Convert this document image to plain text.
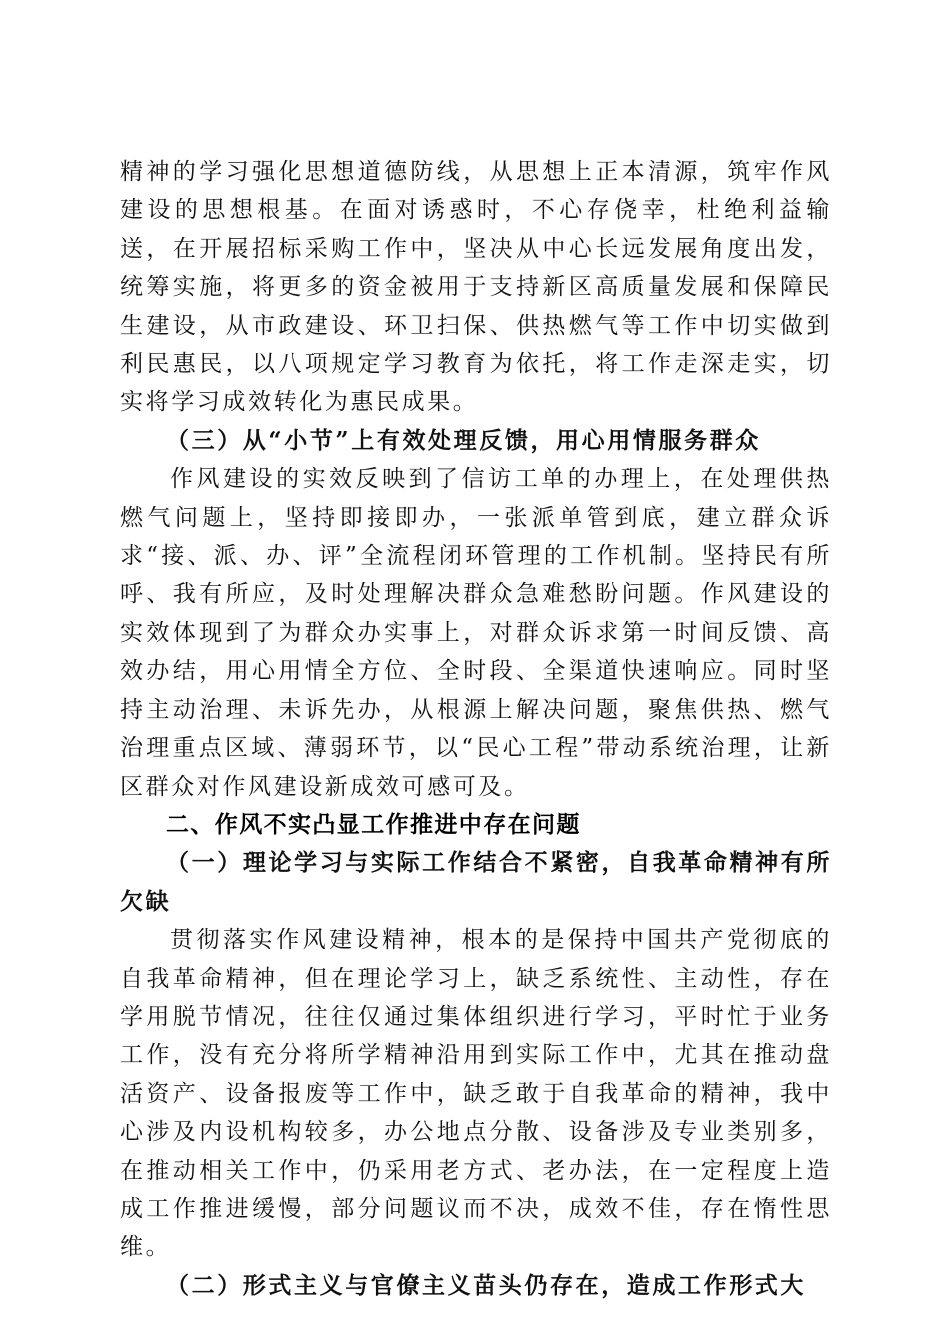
精神的学习强化思想道德防线，从思想上正本清源，筑牢作风建设的思想根基。在面对诱惑时，不心存侥幸，杜绝利益输送，在开展招标采购工作中，坚决从中心长远发展角度出发，统筹实施，将更多的资金被用于支持新区高质量发展和保障民生建设，从市政建设、环卫扫保、供热燃气等工作中切实做到利民惠民，以八项规定学习教育为依托，将工作走深走实，切实将学习成效转化为惠民成果。

（三）从“小节”上有效处理反馈，用心用情服务群众

作风建设的实效反映到了信访工单的办理上，在处理供热燃气问题上，坚持即接即办，一张派单管到底，建立群众诉求“接、派、办、评”全流程闭环管理的工作机制。坚持民有所呼、我有所应，及时处理解决群众急难愁盼问题。作风建设的实效体现到了为群众办实事上，对群众诉求第一时间反馈、高效办结，用心用情全方位、全时段、全渠道快速响应。同时坚持主动治理、未诉先办，从根源上解决问题，聚焦供热、燃气治理重点区域、薄弱环节，以“民心工程”带动系统治理，让新区群众对作风建设新成效可感可及。

二、作风不实凸显工作推进中存在问题

（一）理论学习与实际工作结合不紧密，自我革命精神有所欠缺

贯彻落实作风建设精神，根本的是保持中国共产党彻底的自我革命精神，但在理论学习上，缺乏系统性、主动性，存在学用脱节情况，往往仅通过集体组织进行学习，平时忙于业务工作，没有充分将所学精神沿用到实际工作中，尤其在推动盘活资产、设备报废等工作中，缺乏敢于自我革命的精神，我中心涉及内设机构较多，办公地点分散、设备涉及专业类别多，在推动相关工作中，仍采用老方式、老办法，在一定程度上造成工作推进缓慢，部分问题议而不决，成效不佳，存在惰性思维。

（二）形式主义与官僚主义苗头仍存在，造成工作形式大
